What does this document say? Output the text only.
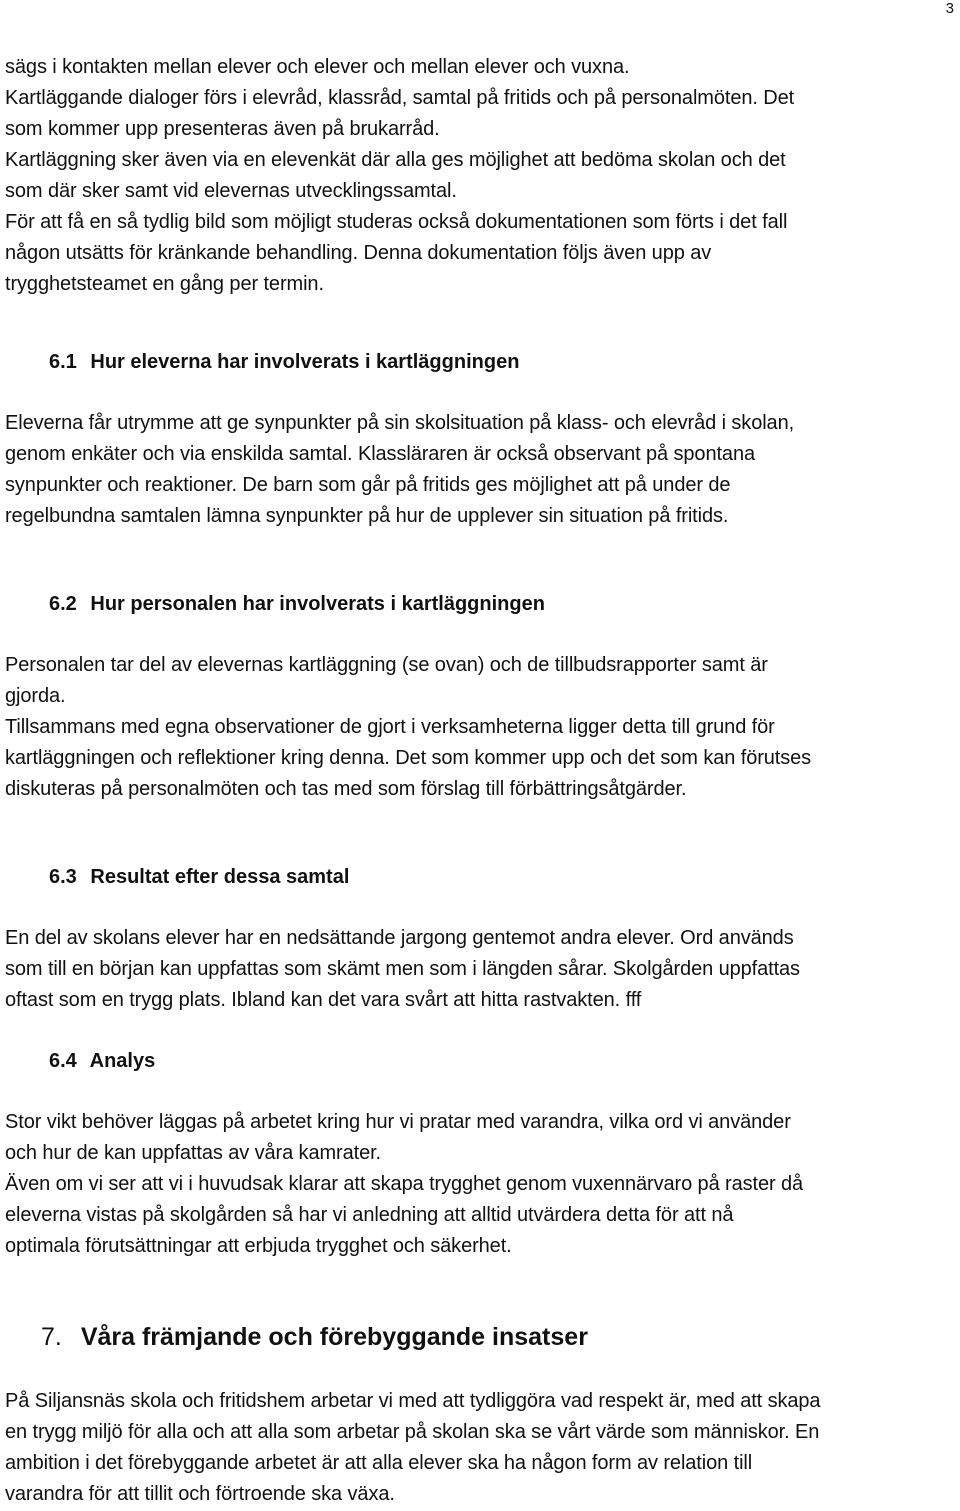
3
sägs i kontakten mellan elever och elever och mellan elever och vuxna.
Kartläggande dialoger förs i elevråd, klassråd, samtal på fritids och på personalmöten. Det
som kommer upp presenteras även på brukarråd.
Kartläggning sker även via en elevenkät där alla ges möjlighet att bedöma skolan och det
som där sker samt vid elevernas utvecklingssamtal.
För att få en så tydlig bild som möjligt studeras också dokumentationen som förts i det fall
någon utsätts för kränkande behandling. Denna dokumentation följs även upp av
trygghetsteamet en gång per termin.
6.1 Hur eleverna har involverats i kartläggningen
Eleverna får utrymme att ge synpunkter på sin skolsituation på klass- och elevråd i skolan,
genom enkäter och via enskilda samtal. Klassläraren är också observant på spontana
synpunkter och reaktioner. De barn som går på fritids ges möjlighet att på under de
regelbundna samtalen lämna synpunkter på hur de upplever sin situation på fritids.
6.2 Hur personalen har involverats i kartläggningen
Personalen tar del av elevernas kartläggning (se ovan) och de tillbudsrapporter samt är
gjorda.
Tillsammans med egna observationer de gjort i verksamheterna ligger detta till grund för
kartläggningen och reflektioner kring denna. Det som kommer upp och det som kan förutses
diskuteras på personalmöten och tas med som förslag till förbättringsåtgärder.
6.3 Resultat efter dessa samtal
En del av skolans elever har en nedsättande jargong gentemot andra elever. Ord används
som till en början kan uppfattas som skämt men som i längden sårar. Skolgården uppfattas
oftast som en trygg plats. Ibland kan det vara svårt att hitta rastvakten. fff
6.4 Analys
Stor vikt behöver läggas på arbetet kring hur vi pratar med varandra, vilka ord vi använder
och hur de kan uppfattas av våra kamrater.
Även om vi ser att vi i huvudsak klarar att skapa trygghet genom vuxennärvaro på raster då
eleverna vistas på skolgården så har vi anledning att alltid utvärdera detta för att nå
optimala förutsättningar att erbjuda trygghet och säkerhet.
7. Våra främjande och förebyggande insatser
På Siljansnäs skola och fritidshem arbetar vi med att tydliggöra vad respekt är, med att skapa
en trygg miljö för alla och att alla som arbetar på skolan ska se vårt värde som människor. En
ambition i det förebyggande arbetet är att alla elever ska ha någon form av relation till
varandra för att tillit och förtroende ska växa.
